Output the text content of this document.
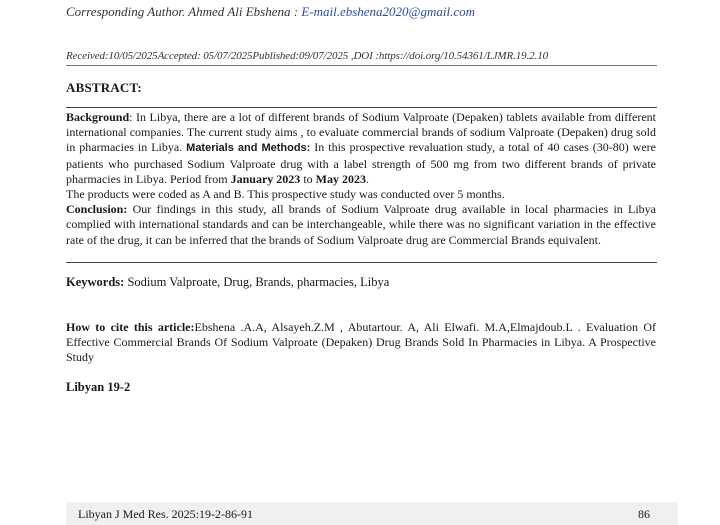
Corresponding Author. Ahmed Ali Ebshena : E-mail.ebshena2020@gmail.com
Received:10/05/2025Accepted: 05/07/2025Published:09/07/2025 ,DOI :https://doi.org/10.54361/LJMR.19.2.10
ABSTRACT:

Background: In Libya, there are a lot of different brands of Sodium Valproate (Depaken) tablets available from different international companies. The current study aims , to evaluate commercial brands of sodium Valproate (Depaken) drug sold in pharmacies in Libya. Materials and Methods: In this prospective revaluation study, a total of 40 cases (30-80) were patients who purchased Sodium Valproate drug with a label strength of 500 mg from two different brands of private pharmacies in Libya. Period from January 2023 to May 2023.

The products were coded as A and B. This prospective study was conducted over 5 months.

Conclusion: Our findings in this study, all brands of Sodium Valproate drug available in local pharmacies in Libya complied with international standards and can be interchangeable, while there was no significant variation in the effective rate of the drug, it can be inferred that the brands of Sodium Valproate drug are Commercial Brands equivalent.

Keywords: Sodium Valproate, Drug, Brands, pharmacies, Libya
How to cite this article:Ebshena .A.A, Alsayeh.Z.M , Abutartour. A, Ali Elwafi. M.A,Elmajdoub.L . Evaluation Of Effective Commercial Brands Of Sodium Valproate (Depaken) Drug Brands Sold In Pharmacies in Libya. A Prospective Study
Libyan 19-2
Libyan J Med Res. 2025:19-2-86-91	86
